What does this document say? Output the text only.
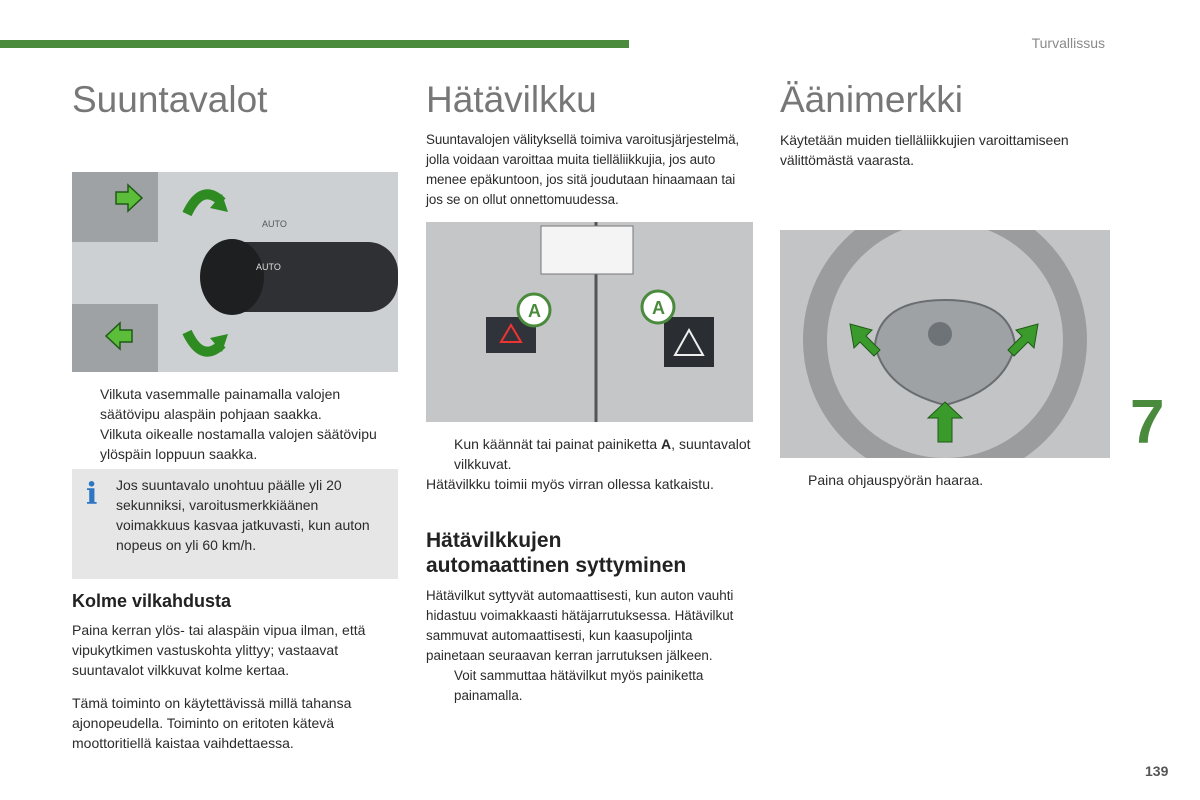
Turvallissus
7
139
Suuntavalot
AUTO
AUTO
Vilkuta vasemmalle painamalla valojen säätövipu alaspäin pohjaan saakka.
Vilkuta oikealle nostamalla valojen säätövipu ylöspäin loppuun saakka.
i Jos suuntavalo unohtuu päälle yli 20 sekunniksi, varoitusmerkkiäänen voimakkuus kasvaa jatkuvasti, kun auton nopeus on yli 60 km/h.
Kolme vilkahdusta

Paina kerran ylös- tai alaspäin vipua ilman, että vipukytkimen vastuskohta ylittyy; vastaavat suuntavalot vilkkuvat kolme kertaa.

Tämä toiminto on käytettävissä millä tahansa ajonopeudella. Toiminto on eritoten kätevä moottoritiellä kaistaa vaihdettaessa.

Hätävilkku

Suuntavalojen välityksellä toimiva varoitusjärjestelmä, jolla voidaan varoittaa muita tielläliikkujia, jos auto menee epäkuntoon, jos sitä joudutaan hinaamaan tai jos se on ollut onnettomuudessa.

A	A
Kun käännät tai painat painiketta A, suuntavalot vilkkuvat.

Hätävilkku toimii myös virran ollessa katkaistu.

Hätävilkkujen
automaattinen syttyminen

Hätävilkut syttyvät automaattisesti, kun auton vauhti hidastuu voimakkaasti hätäjarrutuksessa. Hätävilkut sammuvat automaattisesti, kun kaasupoljinta painetaan seuraavan kerran jarrutuksen jälkeen.

Voit sammuttaa hätävilkut myös painiketta painamalla.
Äänimerkki

Käytetään muiden tielläliikkujien varoittamiseen välittömästä vaarasta.

Paina ohjauspyörän haaraa.
